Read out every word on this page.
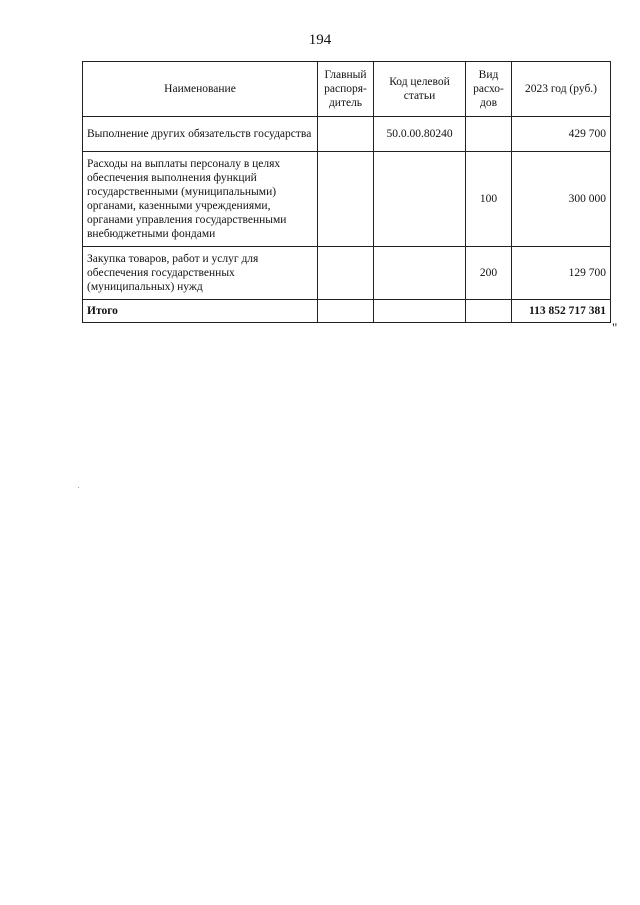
194
Наименование	Главный распоря-дитель	Код целевой статьи	Вид расхо-дов	2023 год (руб.)
Выполнение других обязательств государства		50.0.00.80240		429 700
Расходы на выплаты персоналу в целях обеспечения выполнения функций государственными (муниципальными) органами, казенными учреждениями, органами управления государственными внебюджетными фондами			100	300 000
Закупка товаров, работ и услуг для обеспечения государственных (муниципальных) нужд			200	129 700
Итого				113 852 717 381
"
